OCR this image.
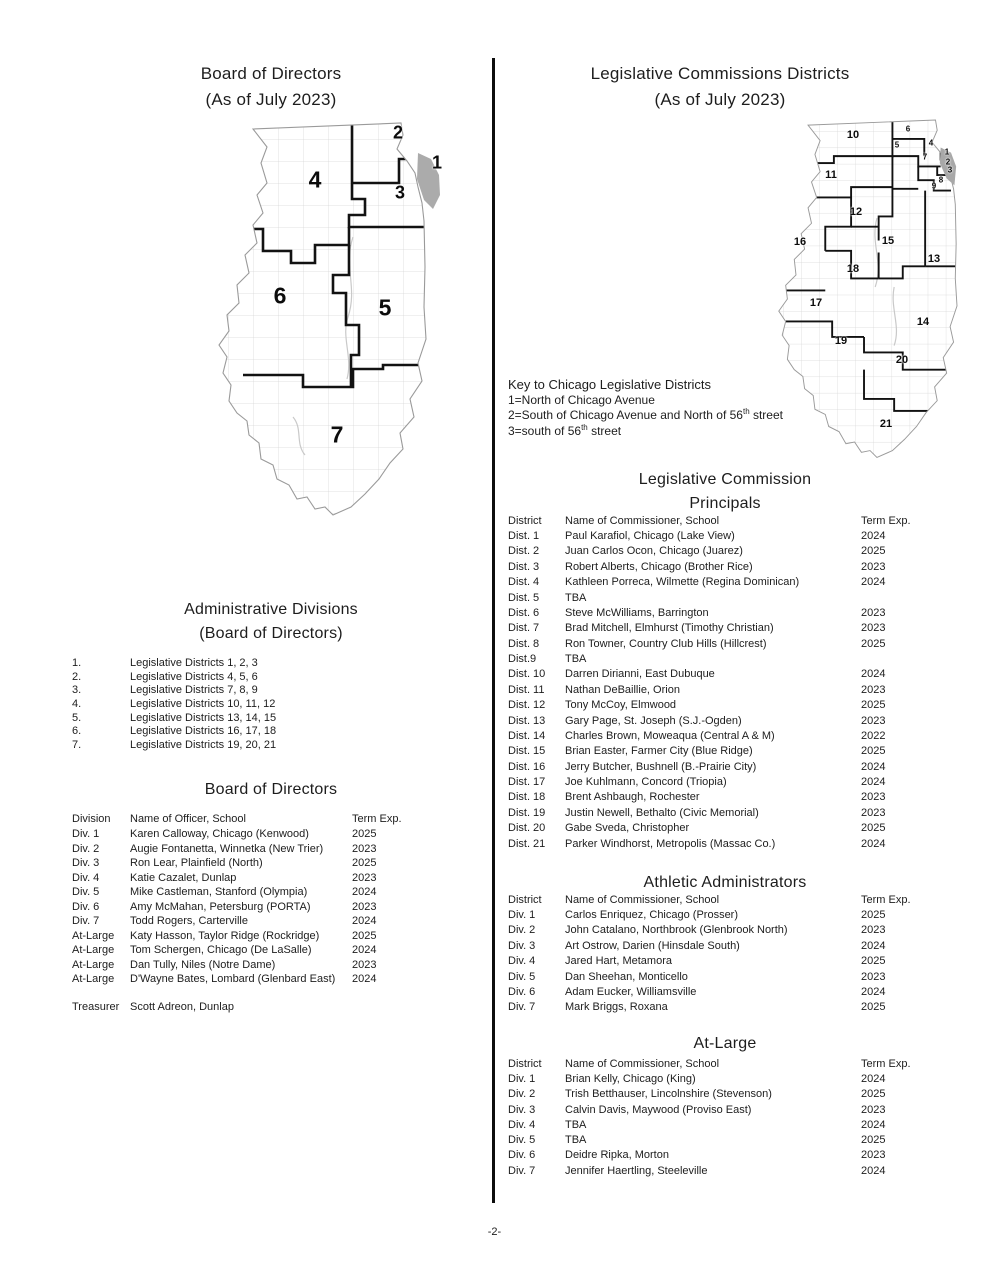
Board of Directors
(As of July 2023)
2
1
4	3
6	5
7
Administrative Divisions
(Board of Directors)
1.	Legislative Districts 1, 2, 3
2.	Legislative Districts 4, 5, 6
3.	Legislative Districts 7, 8, 9
4.	Legislative Districts 10, 11, 12
5.	Legislative Districts 13, 14, 15
6.	Legislative Districts 16, 17, 18
7.	Legislative Districts 19, 20, 21
Board of Directors
Division	Name of Officer, School	Term Exp.
Div. 1	Karen Calloway, Chicago (Kenwood)	2025
Div. 2	Augie Fontanetta, Winnetka (New Trier)	2023
Div. 3	Ron Lear, Plainfield (North)	2025
Div. 4	Katie Cazalet, Dunlap	2023
Div. 5	Mike Castleman, Stanford (Olympia)	2024
Div. 6	Amy McMahan, Petersburg (PORTA)	2023
Div. 7	Todd Rogers, Carterville	2024
At-Large	Katy Hasson, Taylor Ridge (Rockridge)	2025
At-Large	Tom Schergen, Chicago (De LaSalle)	2024
At-Large	Dan Tully, Niles (Notre Dame)	2023
At-Large	D'Wayne Bates, Lombard (Glenbard East)	2024
Treasurer Scott Adreon, Dunlap
Legislative Commissions Districts
(As of July 2023)
10	6
5	4
1
7
2
3
8
9
11
12
16	15
13
18
17
14
19
20
21
Key to Chicago Legislative Districts
1=North of Chicago Avenue
2=South of Chicago Avenue and North of 56th street
3=south of 56th street
Legislative Commission
Principals
District	Name of Commissioner, School	Term Exp.
Dist. 1	Paul Karafiol, Chicago (Lake View)	2024
Dist. 2	Juan Carlos Ocon, Chicago (Juarez)	2025
Dist. 3	Robert Alberts, Chicago (Brother Rice)	2023
Dist. 4	Kathleen Porreca, Wilmette (Regina Dominican)	2024
Dist. 5	TBA
Dist. 6	Steve McWilliams, Barrington	2023
Dist. 7	Brad Mitchell, Elmhurst (Timothy Christian)	2023
Dist. 8	Ron Towner, Country Club Hills (Hillcrest)	2025
Dist.9	TBA
Dist. 10	Darren Dirianni, East Dubuque	2024
Dist. 11	Nathan DeBaillie, Orion	2023
Dist. 12	Tony McCoy, Elmwood	2025
Dist. 13	Gary Page, St. Joseph (S.J.-Ogden)	2023
Dist. 14	Charles Brown, Moweaqua (Central A & M)	2022
Dist. 15	Brian Easter, Farmer City (Blue Ridge)	2025
Dist. 16	Jerry Butcher, Bushnell (B.-Prairie City)	2024
Dist. 17	Joe Kuhlmann, Concord (Triopia)	2024
Dist. 18	Brent Ashbaugh, Rochester	2023
Dist. 19	Justin Newell, Bethalto (Civic Memorial)	2023
Dist. 20	Gabe Sveda, Christopher	2025
Dist. 21	Parker Windhorst, Metropolis (Massac Co.)	2024
Athletic Administrators
District	Name of Commissioner, School	Term Exp.
Div. 1	Carlos Enriquez, Chicago (Prosser)	2025
Div. 2	John Catalano, Northbrook (Glenbrook North)	2023
Div. 3	Art Ostrow, Darien (Hinsdale South)	2024
Div. 4	Jared Hart, Metamora	2025
Div. 5	Dan Sheehan, Monticello	2023
Div. 6	Adam Eucker, Williamsville	2024
Div. 7	Mark Briggs, Roxana	2025
At-Large
District	Name of Commissioner, School	Term Exp.
Div. 1	Brian Kelly, Chicago (King)	2024
Div. 2	Trish Betthauser, Lincolnshire (Stevenson)	2025
Div. 3	Calvin Davis, Maywood (Proviso East)	2023
Div. 4	TBA	2024
Div. 5	TBA	2025
Div. 6	Deidre Ripka, Morton	2023
Div. 7	Jennifer Haertling, Steeleville	2024
-2-
